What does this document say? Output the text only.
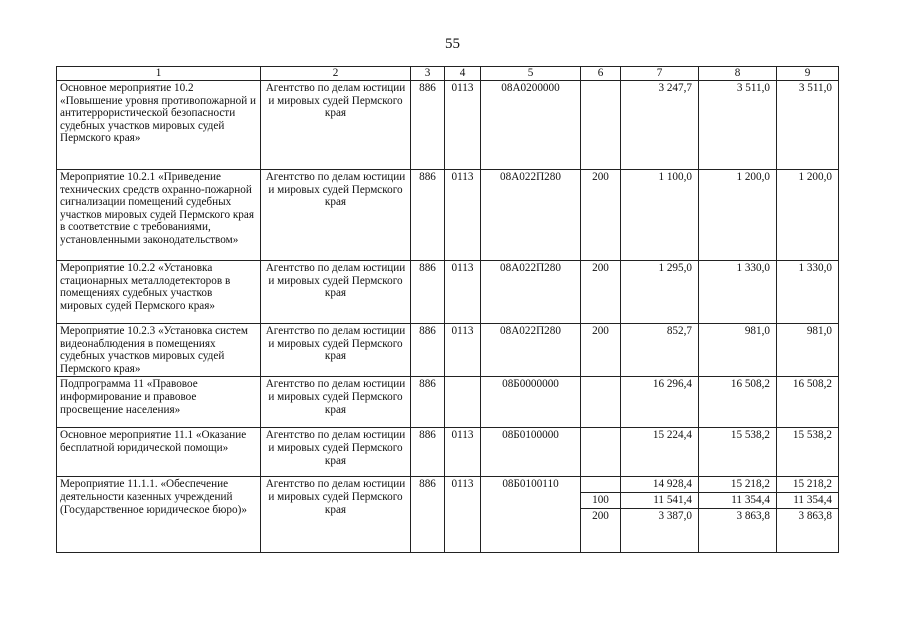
55
1	2	3	4	5	6	7	8	9
Основное мероприятие 10.2 «Повышение уровня противопожарной и антитеррористической безопасности судебных участков мировых судей Пермского края»	Агентство по делам юстиции и мировых судей Пермского края	886	0113	08А0200000		3 247,7	3 511,0	3 511,0
Мероприятие 10.2.1 «Приведение технических средств охранно-пожарной сигнализации помещений судебных участков мировых судей Пермского края в соответствие с требованиями, установленными законодательством»	Агентство по делам юстиции и мировых судей Пермского края	886	0113	08А022П280	200	1 100,0	1 200,0	1 200,0
Мероприятие 10.2.2 «Установка стационарных металлодетекторов в помещениях судебных участков мировых судей Пермского края»	Агентство по делам юстиции и мировых судей Пермского края	886	0113	08А022П280	200	1 295,0	1 330,0	1 330,0
Мероприятие 10.2.3 «Установка систем видеонаблюдения в помещениях судебных участков мировых судей Пермского края»	Агентство по делам юстиции и мировых судей Пермского края	886	0113	08А022П280	200	852,7	981,0	981,0
Подпрограмма 11 «Правовое информирование и правовое просвещение населения»	Агентство по делам юстиции и мировых судей Пермского края	886		08Б0000000		16 296,4	16 508,2	16 508,2
Основное мероприятие 11.1 «Оказание бесплатной юридической помощи»	Агентство по делам юстиции и мировых судей Пермского края	886	0113	08Б0100000		15 224,4	15 538,2	15 538,2
Мероприятие 11.1.1. «Обеспечение деятельности казенных учреждений (Государственное юридическое бюро)»	Агентство по делам юстиции и мировых судей Пермского края	886	0113	08Б0100110		14 928,4	15 218,2	15 218,2
					100	11 541,4	11 354,4	11 354,4
					200	3 387,0	3 863,8	3 863,8
